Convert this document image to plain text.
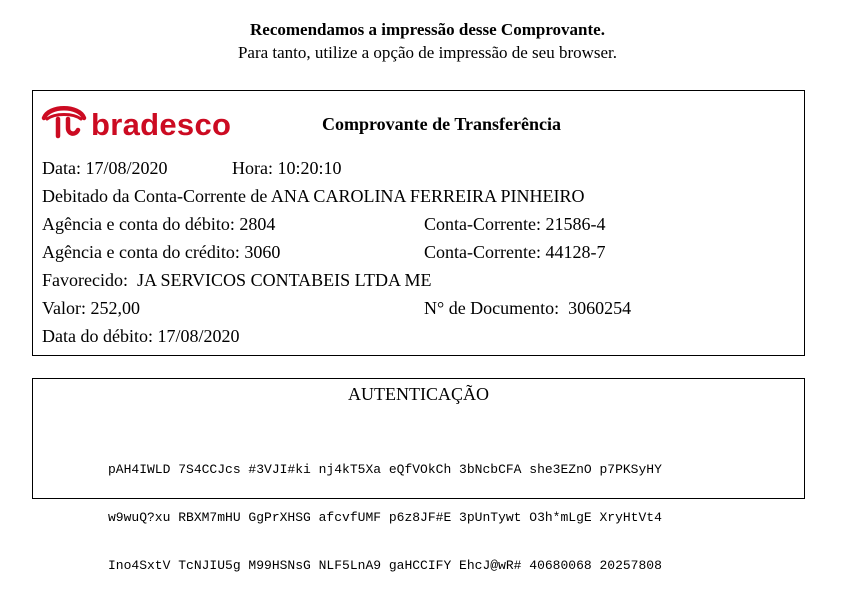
Recomendamos a impressão desse Comprovante.
Para tanto, utilize a opção de impressão de seu browser.
bradesco	Comprovante de Transferência
Data: 17/08/2020	Hora: 10:20:10
Debitado da Conta-Corrente de ANA CAROLINA FERREIRA PINHEIRO
Agência e conta do débito: 2804	Conta-Corrente: 21586-4
Agência e conta do crédito: 3060	Conta-Corrente: 44128-7
Favorecido:  JA SERVICOS CONTABEIS LTDA ME
Valor: 252,00	N° de Documento:  3060254
Data do débito: 17/08/2020
AUTENTICAÇÃO

pAH4IWLD 7S4CCJcs #3VJI#ki nj4kT5Xa eQfVOkCh 3bNcbCFA she3EZnO p7PKSyHY

w9wuQ?xu RBXM7mHU GgPrXHSG afcvfUMF p6z8JF#E 3pUnTywt O3h*mLgE XryHtVt4

Ino4SxtV TcNJIU5g M99HSNsG NLF5LnA9 gaHCCIFY EhcJ@wR# 40680068 20257808
